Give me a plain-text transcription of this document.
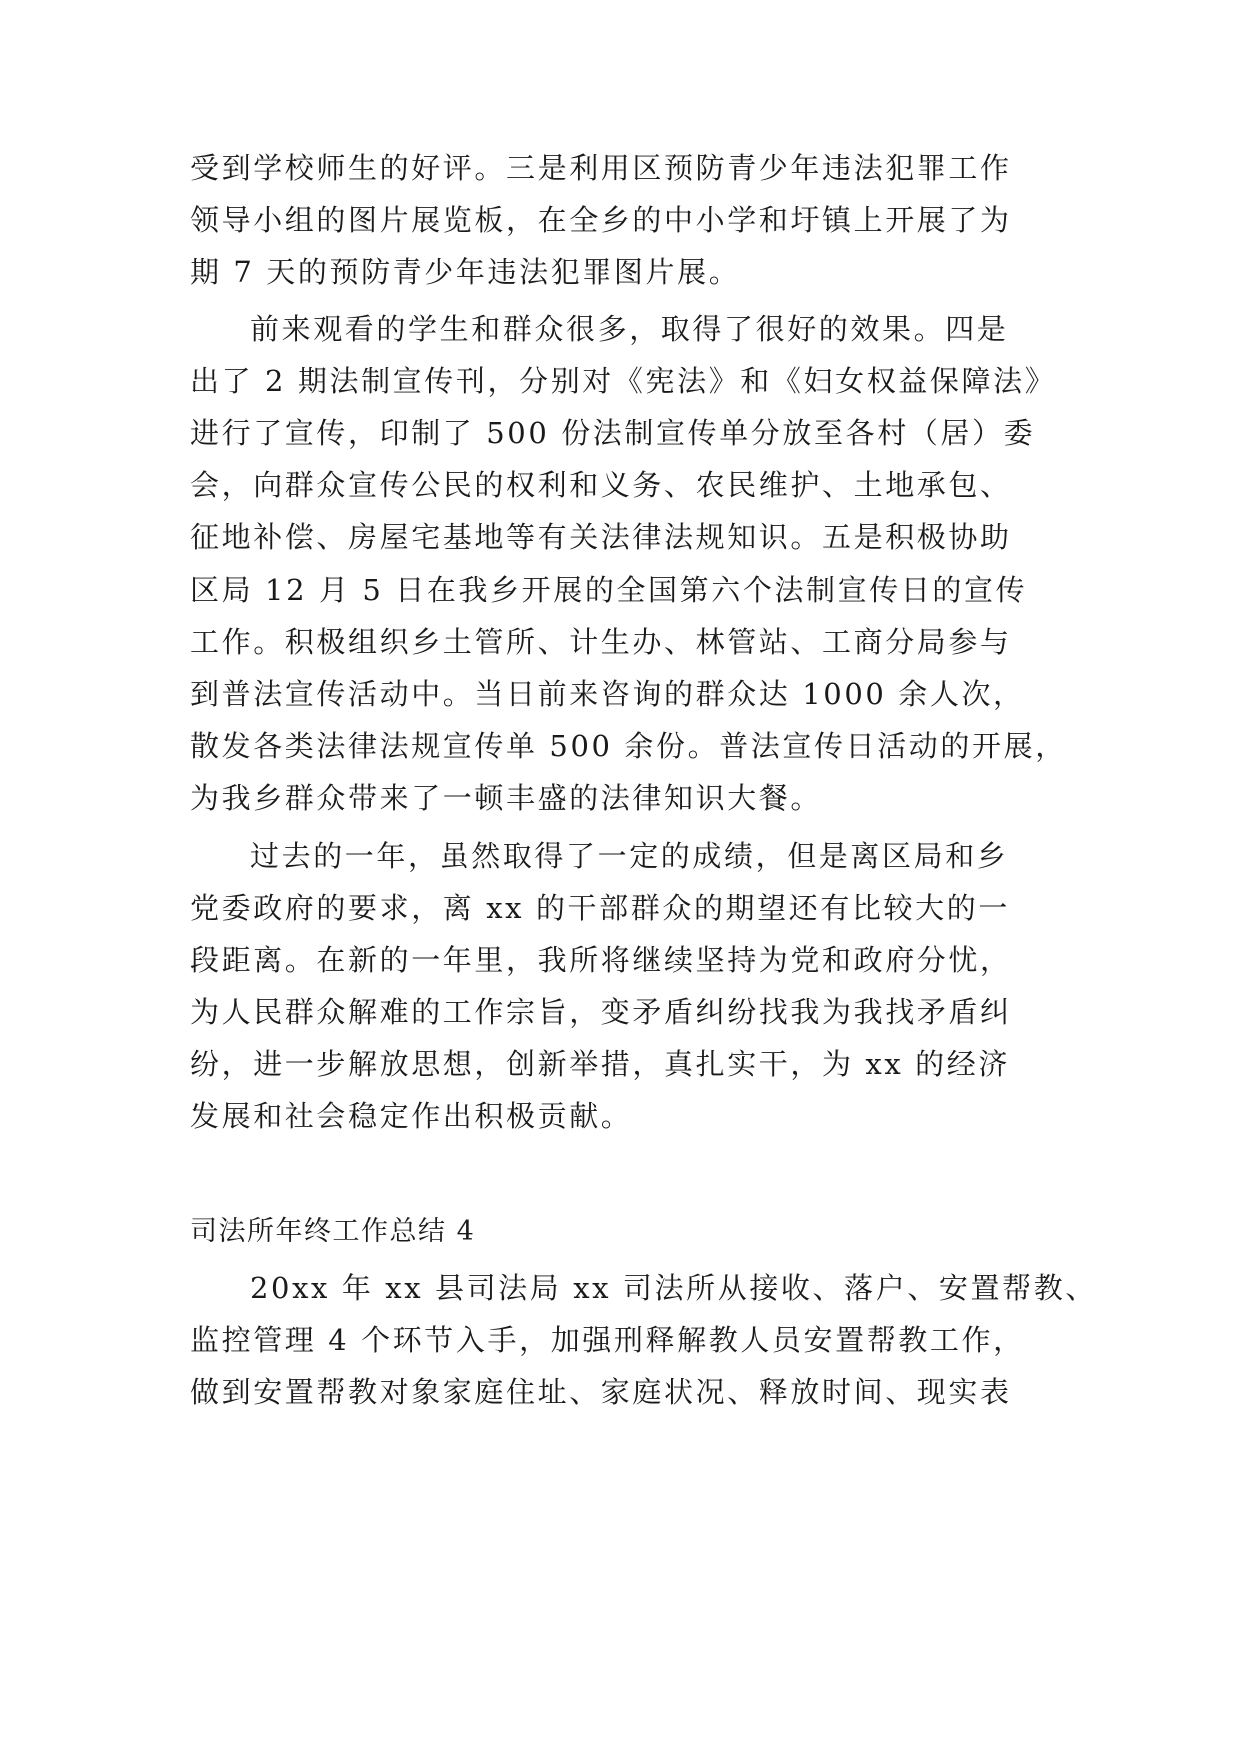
受到学校师生的好评。三是利用区预防青少年违法犯罪工作
领导小组的图片展览板，在全乡的中小学和圩镇上开展了为
期 7 天的预防青少年违法犯罪图片展。
前来观看的学生和群众很多，取得了很好的效果。四是
出了 2 期法制宣传刊，分别对《宪法》和《妇女权益保障法》
进行了宣传，印制了 500 份法制宣传单分放至各村（居）委
会，向群众宣传公民的权利和义务、农民维护、土地承包、
征地补偿、房屋宅基地等有关法律法规知识。五是积极协助
区局 12 月 5 日在我乡开展的全国第六个法制宣传日的宣传
工作。积极组织乡土管所、计生办、林管站、工商分局参与
到普法宣传活动中。当日前来咨询的群众达 1000 余人次，
散发各类法律法规宣传单 500 余份。普法宣传日活动的开展，
为我乡群众带来了一顿丰盛的法律知识大餐。
过去的一年，虽然取得了一定的成绩，但是离区局和乡
党委政府的要求，离 xx 的干部群众的期望还有比较大的一
段距离。在新的一年里，我所将继续坚持为党和政府分忧，
为人民群众解难的工作宗旨，变矛盾纠纷找我为我找矛盾纠
纷，进一步解放思想，创新举措，真扎实干，为 xx 的经济
发展和社会稳定作出积极贡献。
司法所年终工作总结 4
20xx 年 xx 县司法局 xx 司法所从接收、落户、安置帮教、
监控管理 4 个环节入手，加强刑释解教人员安置帮教工作，
做到安置帮教对象家庭住址、家庭状况、释放时间、现实表
